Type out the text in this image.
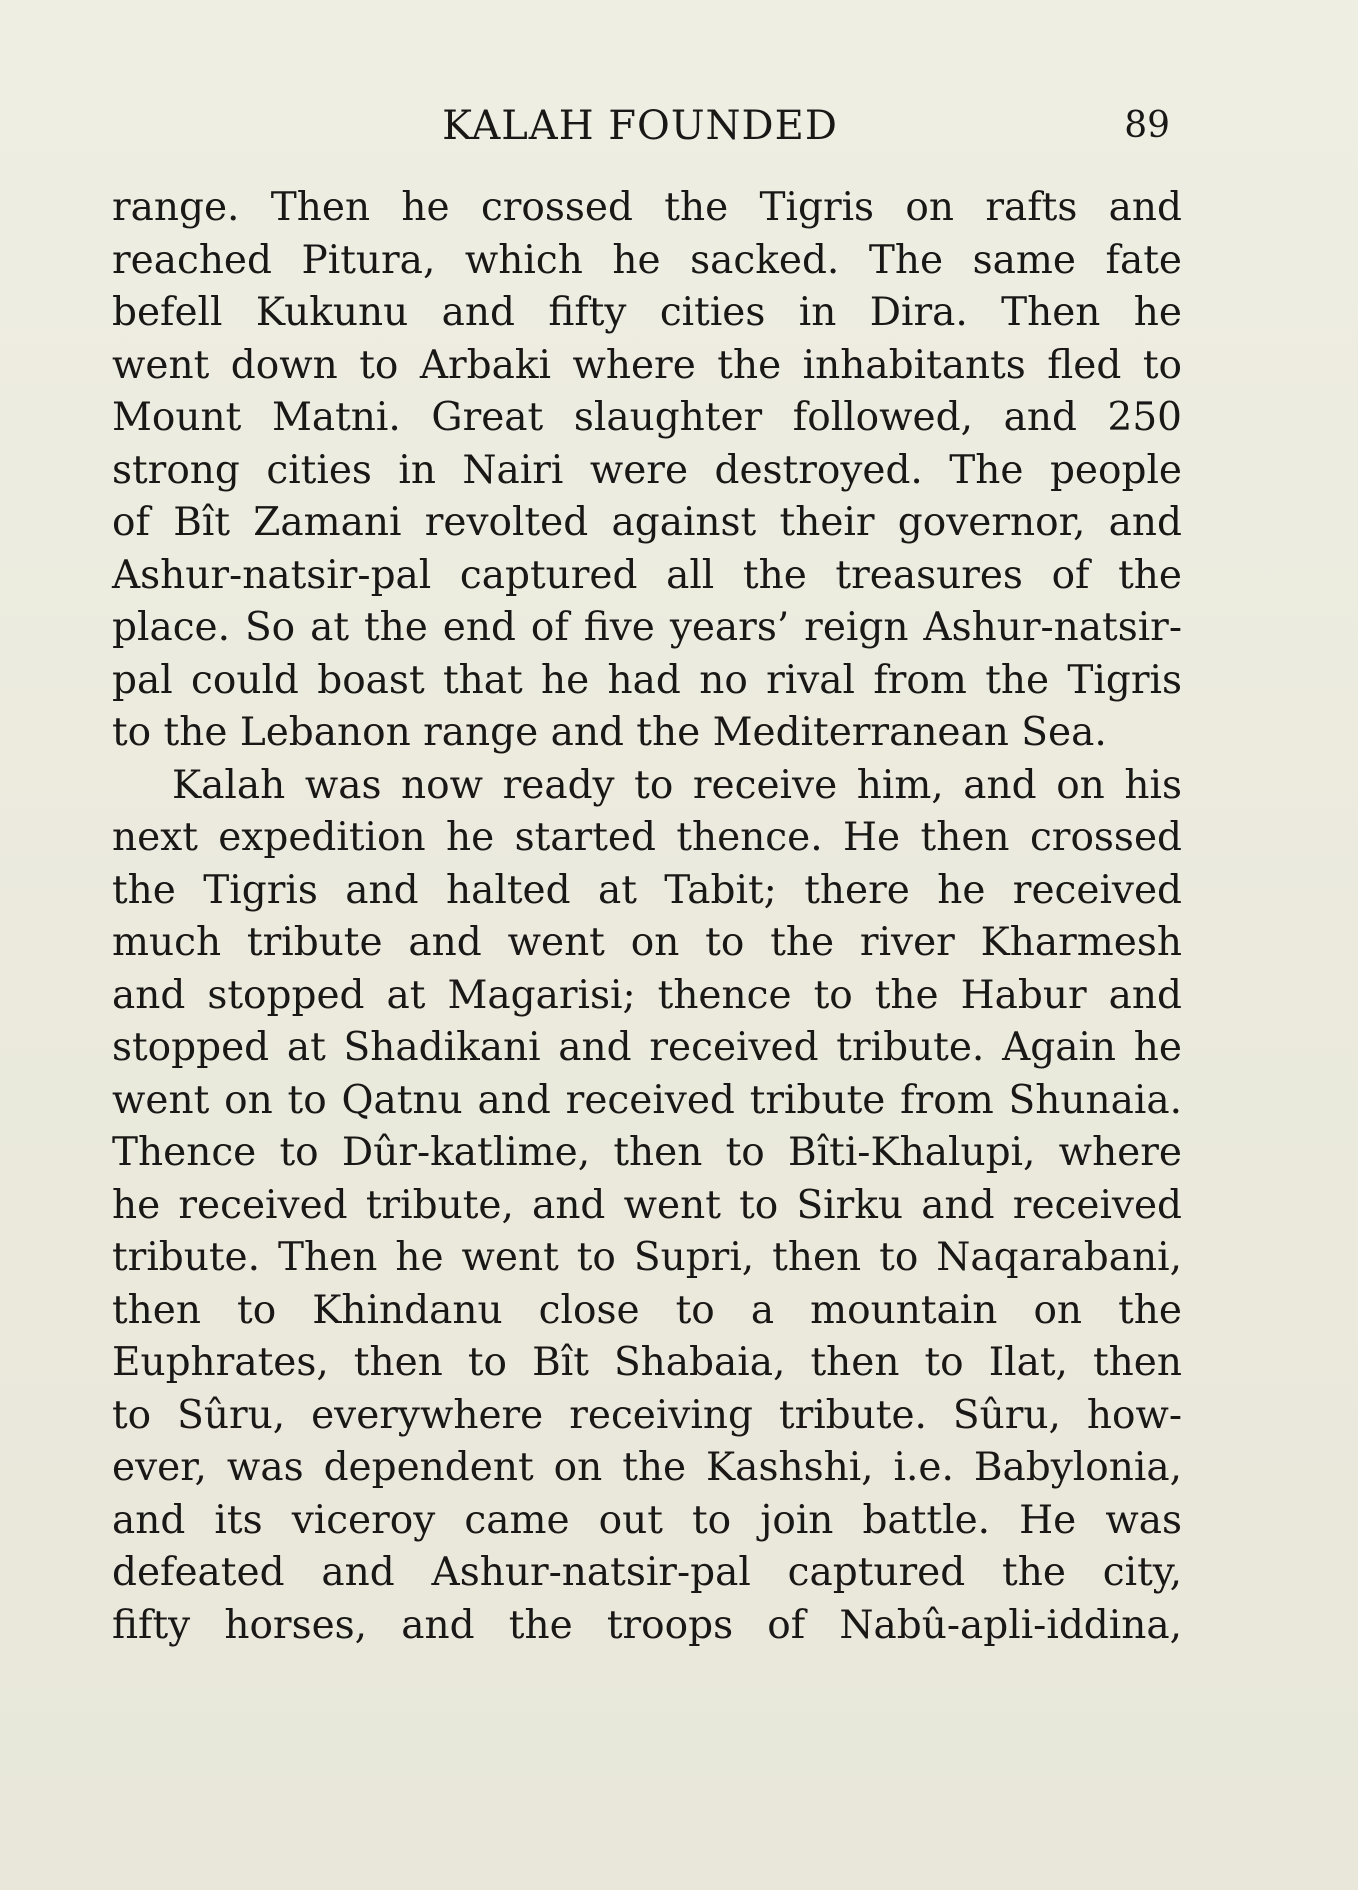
KALAH FOUNDED	89
range. Then he crossed the Tigris on rafts and
reached Pitura, which he sacked. The same fate
befell Kukunu and fifty cities in Dira. Then he
went down to Arbaki where the inhabitants fled to
Mount Matni. Great slaughter followed, and 250
strong cities in Nairi were destroyed. The people
of Bît Zamani revolted against their governor, and
Ashur-natsir-pal captured all the treasures of the
place. So at the end of five years’ reign Ashur-natsir-
pal could boast that he had no rival from the Tigris
to the Lebanon range and the Mediterranean Sea.
Kalah was now ready to receive him, and on his
next expedition he started thence. He then crossed
the Tigris and halted at Tabit; there he received
much tribute and went on to the river Kharmesh
and stopped at Magarisi; thence to the Habur and
stopped at Shadikani and received tribute. Again he
went on to Qatnu and received tribute from Shunaia.
Thence to Dûr-katlime, then to Bîti-Khalupi, where
he received tribute, and went to Sirku and received
tribute. Then he went to Supri, then to Naqarabani,
then to Khindanu close to a mountain on the
Euphrates, then to Bît Shabaia, then to Ilat, then
to Sûru, everywhere receiving tribute. Sûru, how-
ever, was dependent on the Kashshi, i.e. Babylonia,
and its viceroy came out to join battle. He was
defeated and Ashur-natsir-pal captured the city,
fifty horses, and the troops of Nabû-apli-iddina,
